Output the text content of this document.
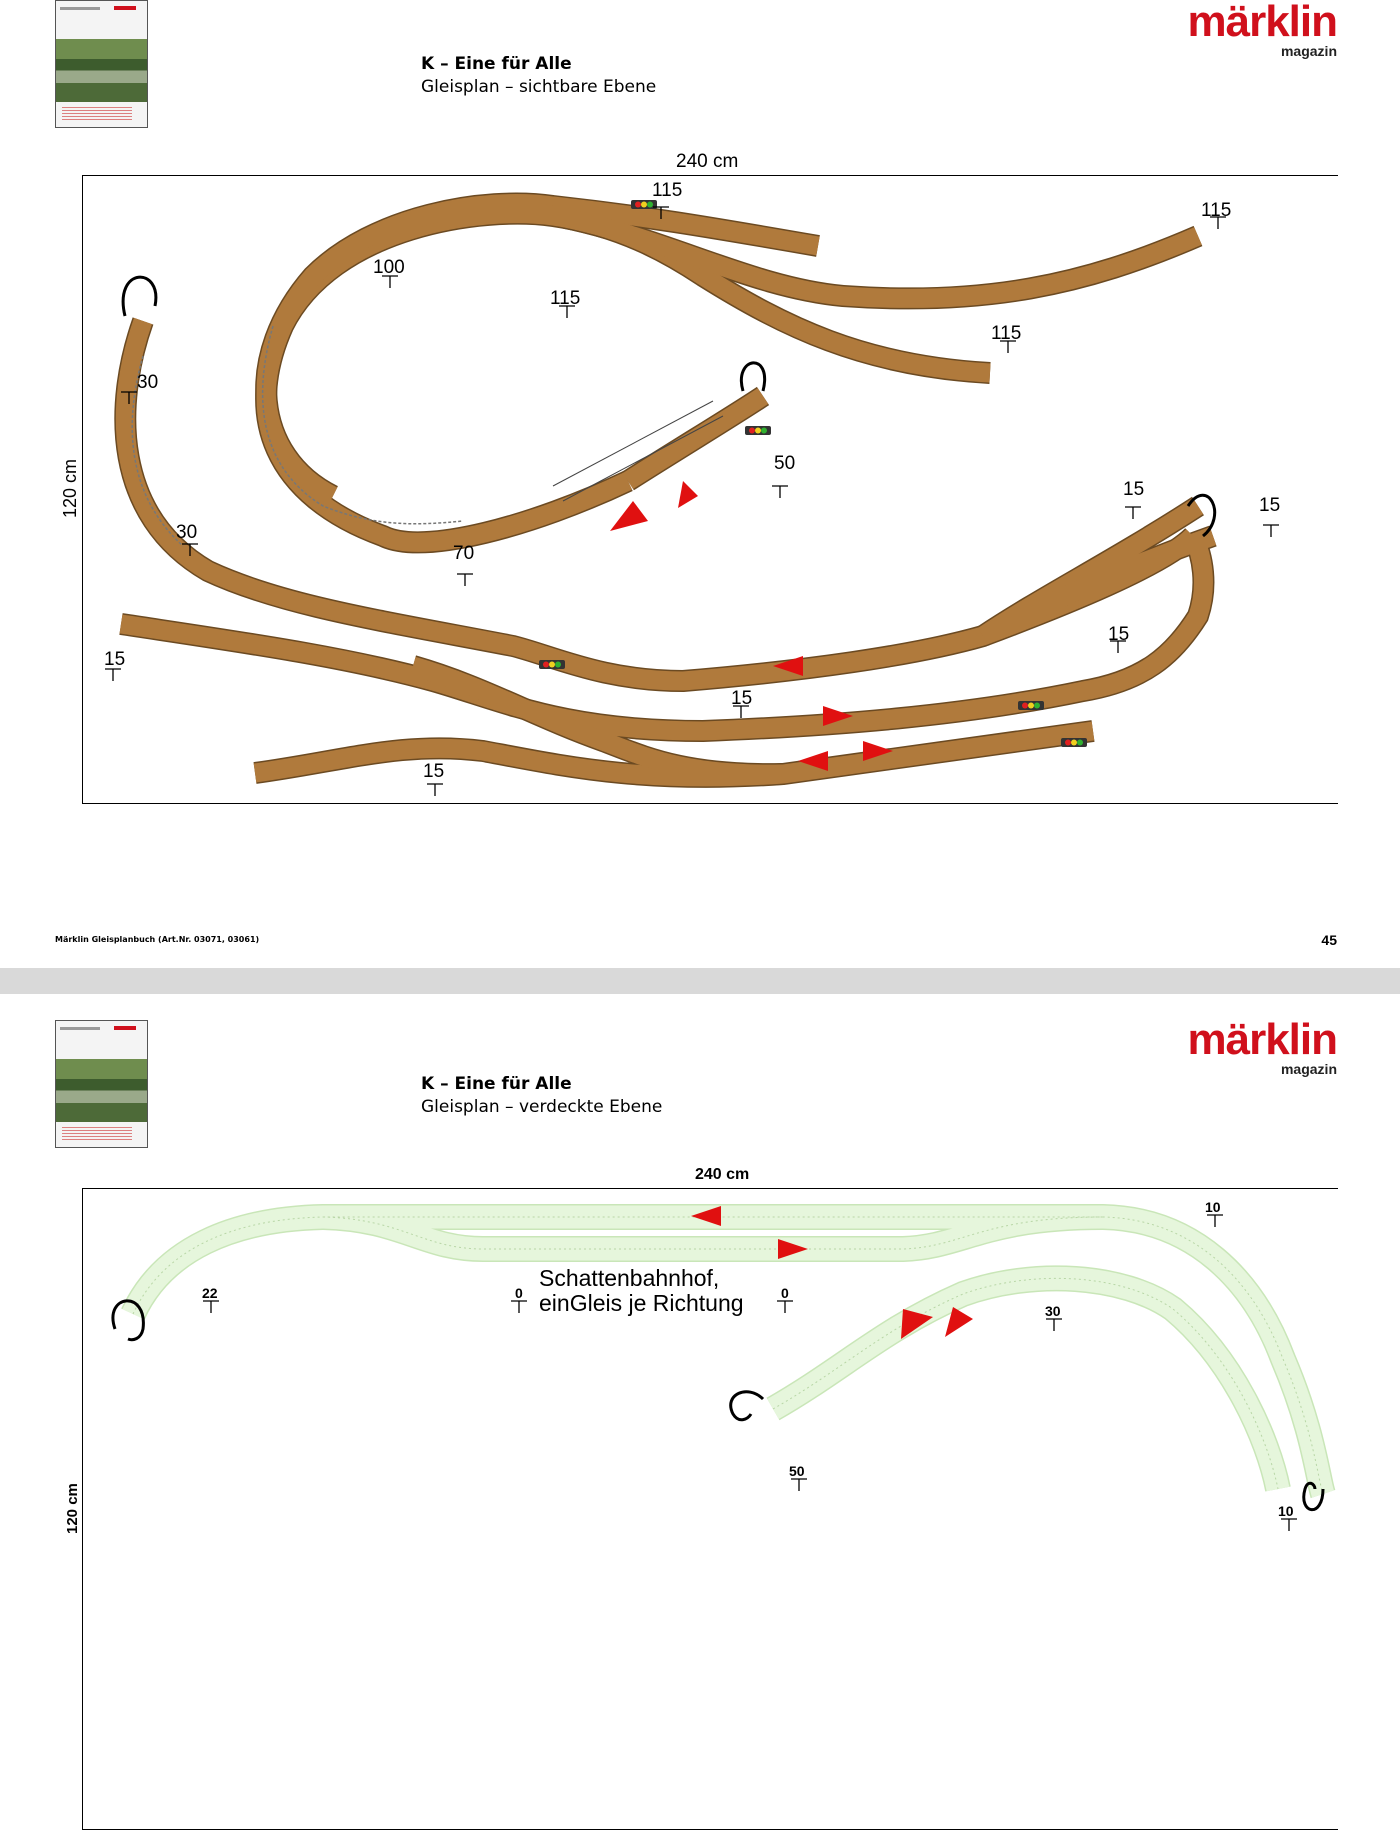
märklin
magazin
K – Eine für Alle
Gleisplan – sichtbare Ebene
240 cm
120 cm
115
115
100
115
115
30
50
30
70
15
15
15
15
15
15
Märklin Gleisplanbuch (Art.Nr. 03071, 03061)	45
märklin
magazin
K – Eine für Alle
Gleisplan – verdeckte Ebene
240 cm
120 cm
10
22	0	0
30
50
10
Schattenbahnhof,
einGleis je Richtung
